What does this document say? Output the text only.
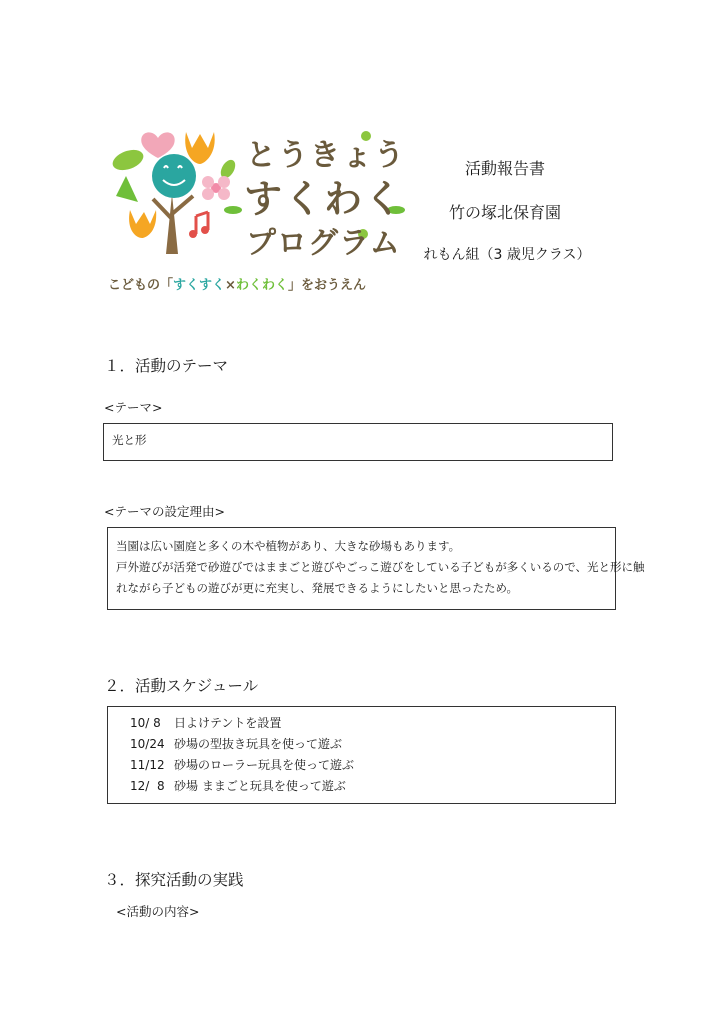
とうきょう
すくわく
プログラム
こどもの「すくすく×わくわく」をおうえん
活動報告書
竹の塚北保育園
れもん組（3 歳児クラス）
１．活動のテーマ
<テーマ>
光と形
<テーマの設定理由>
当園は広い園庭と多くの木や植物があり、大きな砂場もあります。
戸外遊びが活発で砂遊びではままごと遊びやごっこ遊びをしている子どもが多くいるので、光と形に触
れながら子どもの遊びが更に充実し、発展できるようにしたいと思ったため。
２．活動スケジュール
10/ 8 日よけテントを設置
10/24 砂場の型抜き玩具を使って遊ぶ
11/12 砂場のローラー玩具を使って遊ぶ
12/  8 砂場 ままごと玩具を使って遊ぶ
３．探究活動の実践
<活動の内容>
